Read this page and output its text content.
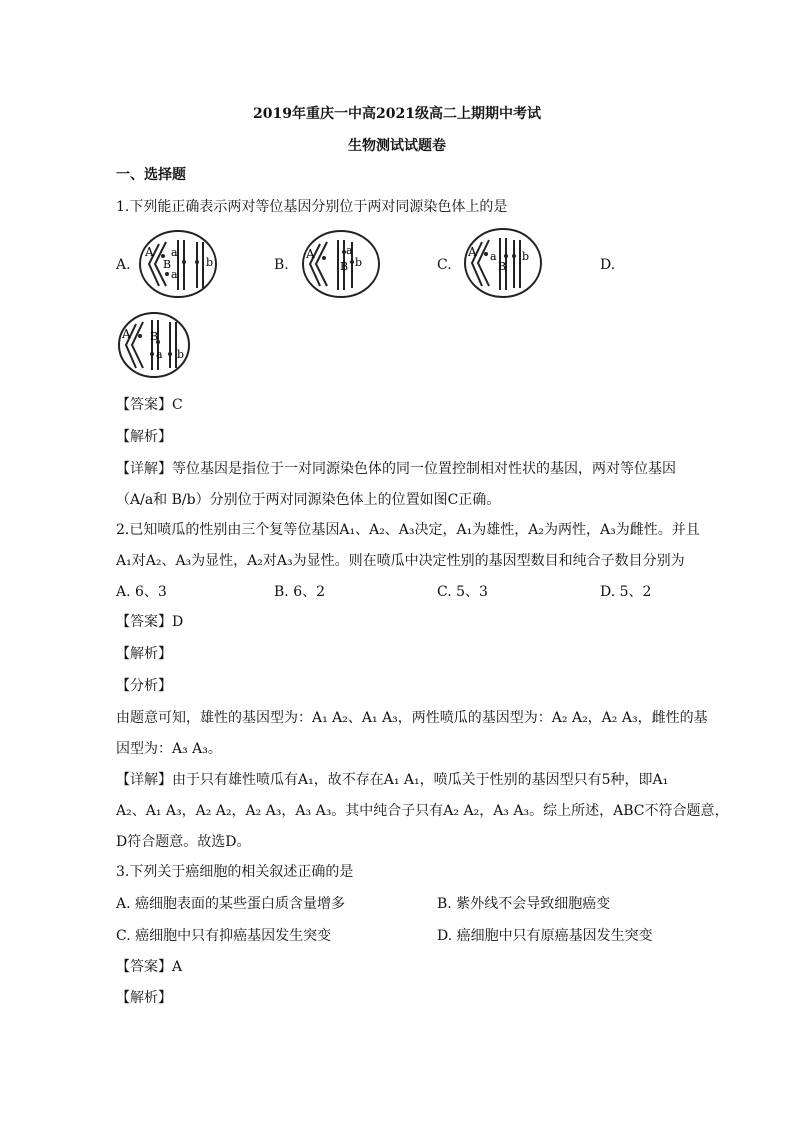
2019年重庆一中高2021级高二上期期中考试
生物测试试题卷
一、选择题
1.下列能正确表示两对等位基因分别位于两对同源染色体上的是
A.	B.	C.	D.
A a
b
B
a
A	a
b
B
A a b
B
A B
a b
【答案】C
【解析】
【详解】等位基因是指位于一对同源染色体的同一位置控制相对性状的基因，两对等位基因
（A/a和 B/b）分别位于两对同源染色体上的位置如图C正确。
2.已知喷瓜的性别由三个复等位基因A₁、A₂、A₃决定，A₁为雄性，A₂为两性，A₃为雌性。并且
A₁对A₂、A₃为显性，A₂对A₃为显性。则在喷瓜中决定性别的基因型数目和纯合子数目分别为
A. 6、3	B. 6、2	C. 5、3	D. 5、2
【答案】D
【解析】
【分析】
由题意可知，雄性的基因型为：A₁ A₂、A₁ A₃，两性喷瓜的基因型为：A₂ A₂，A₂ A₃，雌性的基
因型为：A₃ A₃。
【详解】由于只有雄性喷瓜有A₁，故不存在A₁ A₁，喷瓜关于性别的基因型只有5种，即A₁
A₂、A₁ A₃，A₂ A₂，A₂ A₃，A₃ A₃。其中纯合子只有A₂ A₂，A₃ A₃。综上所述，ABC不符合题意，
D符合题意。故选D。
3.下列关于癌细胞的相关叙述正确的是
A. 癌细胞表面的某些蛋白质含量增多	B. 紫外线不会导致细胞癌变
C. 癌细胞中只有抑癌基因发生突变	D. 癌细胞中只有原癌基因发生突变
【答案】A
【解析】
